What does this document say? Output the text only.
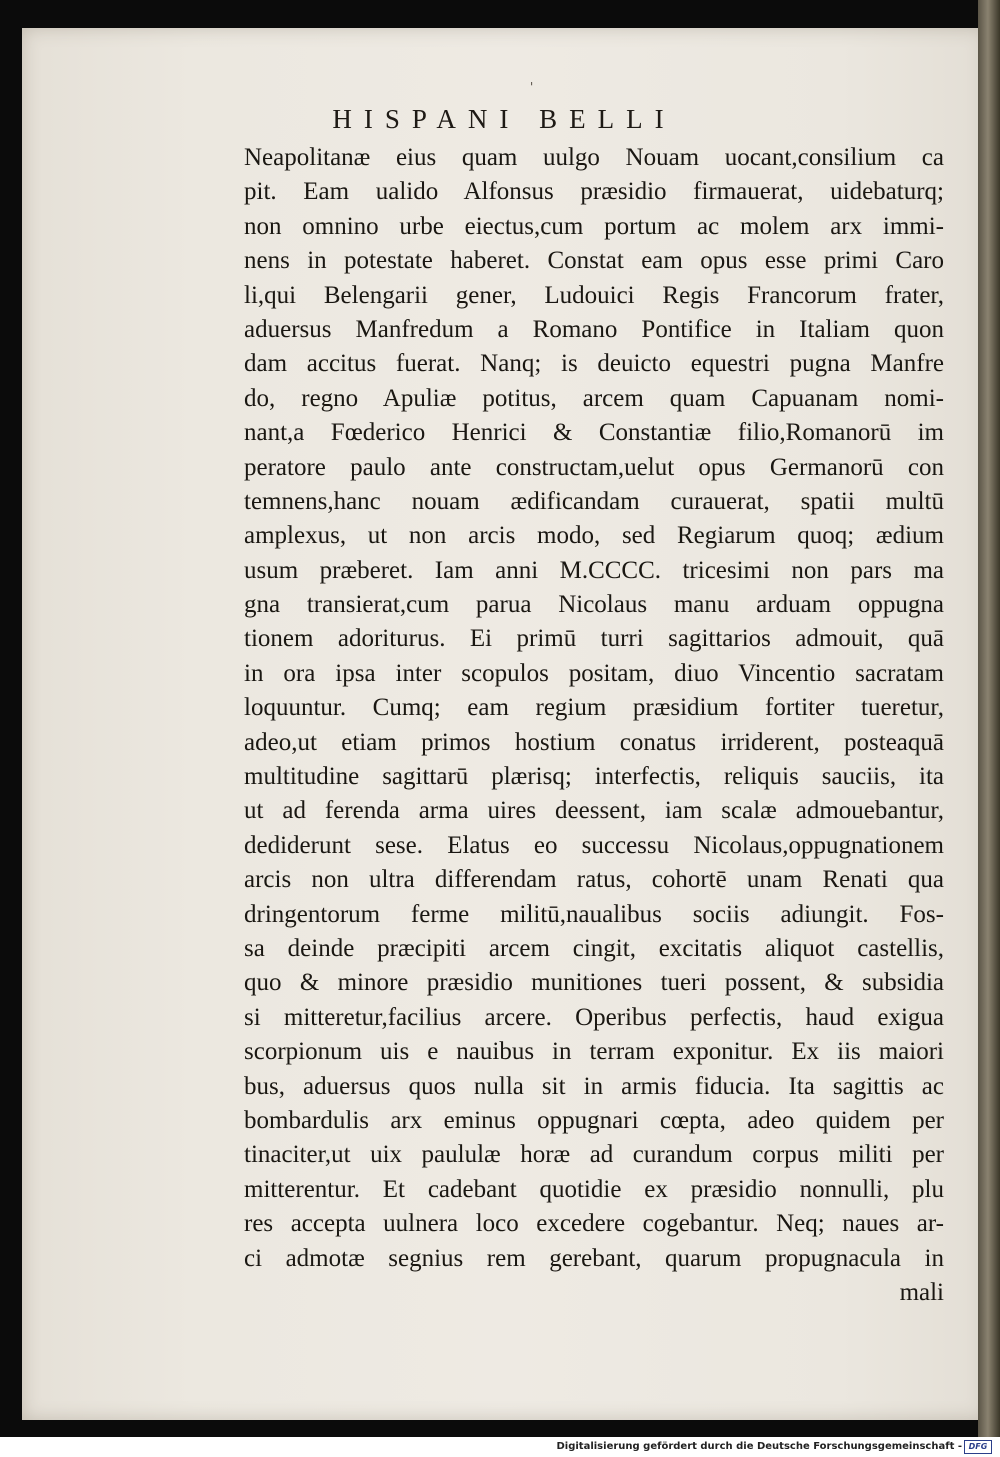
'
HISPANI BELLI
Neapolitanæ eius quam uulgo Nouam uocant,consilium ca
pit. Eam ualido Alfonsus præsidio firmauerat, uidebaturq;
non omnino urbe eiectus,cum portum ac molem arx immi-
nens in potestate haberet. Constat eam opus esse primi Caro
li,qui Belengarii gener, Ludouici Regis Francorum frater,
aduersus Manfredum a Romano Pontifice in Italiam quon
dam accitus fuerat. Nanq; is deuicto equestri pugna Manfre
do, regno Apuliæ potitus, arcem quam Capuanam nomi-
nant,a Fœderico Henrici & Constantiæ filio,Romanorū im
peratore paulo ante constructam,uelut opus Germanorū con
temnens,hanc nouam ædificandam curauerat, spatii multū
amplexus, ut non arcis modo, sed Regiarum quoq; ædium
usum præberet. Iam anni M.CCCC. tricesimi non pars ma
gna transierat,cum parua Nicolaus manu arduam oppugna
tionem adoriturus. Ei primū turri sagittarios admouit, quā
in ora ipsa inter scopulos positam, diuo Vincentio sacratam
loquuntur. Cumq; eam regium præsidium fortiter tueretur,
adeo,ut etiam primos hostium conatus irriderent, posteaquā
multitudine sagittarū plærisq; interfectis, reliquis sauciis, ita
ut ad ferenda arma uires deessent, iam scalæ admouebantur,
dediderunt sese. Elatus eo successu Nicolaus,oppugnationem
arcis non ultra differendam ratus, cohortē unam Renati qua
dringentorum ferme militū,naualibus sociis adiungit. Fos-
sa deinde præcipiti arcem cingit, excitatis aliquot castellis,
quo & minore præsidio munitiones tueri possent, & subsidia
si mitteretur,facilius arcere. Operibus perfectis, haud exigua
scorpionum uis e nauibus in terram exponitur. Ex iis maiori
bus, aduersus quos nulla sit in armis fiducia. Ita sagittis ac
bombardulis arx eminus oppugnari cœpta, adeo quidem per
tinaciter,ut uix paululæ horæ ad curandum corpus militi per
mitterentur. Et cadebant quotidie ex præsidio nonnulli, plu
res accepta uulnera loco excedere cogebantur. Neq; naues ar-
ci admotæ segnius rem gerebant, quarum propugnacula in
mali
Digitalisierung gefördert durch die Deutsche Forschungsgemeinschaft - DFG
